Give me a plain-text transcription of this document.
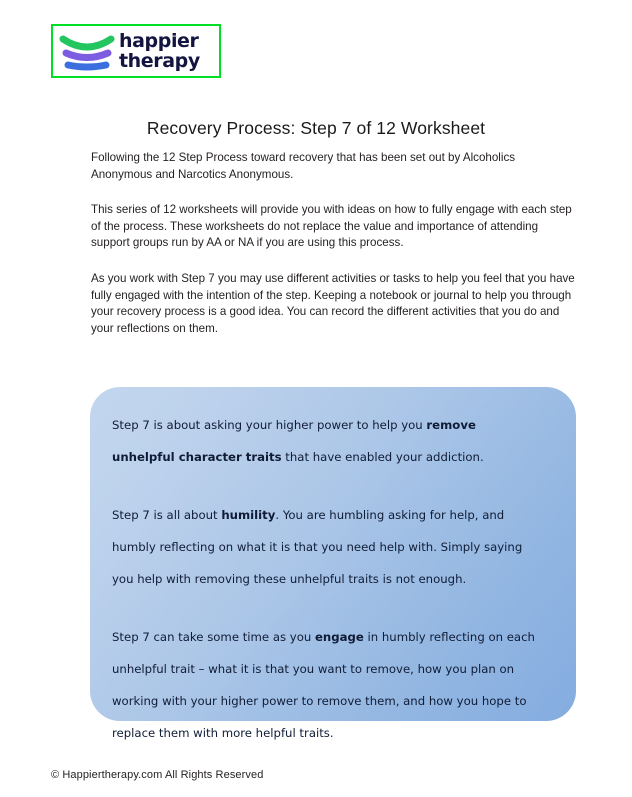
happier
therapy
Recovery Process: Step 7 of 12 Worksheet

Following the 12 Step Process toward recovery that has been set out by Alcoholics Anonymous and Narcotics Anonymous.

This series of 12 worksheets will provide you with ideas on how to fully engage with each step of the process. These worksheets do not replace the value and importance of attending support groups run by AA or NA if you are using this process.

As you work with Step 7 you may use different activities or tasks to help you feel that you have fully engaged with the intention of the step. Keeping a notebook or journal to help you through your recovery process is a good idea. You can record the different activities that you do and your reflections on them.

Step 7 is about asking your higher power to help you remove unhelpful character traits that have enabled your addiction.

Step 7 is all about humility. You are humbling asking for help, and humbly reflecting on what it is that you need help with. Simply saying you help with removing these unhelpful traits is not enough.

Step 7 can take some time as you engage in humbly reflecting on each unhelpful trait – what it is that you want to remove, how you plan on working with your higher power to remove them, and how you hope to replace them with more helpful traits.

© Happiertherapy.com All Rights Reserved
